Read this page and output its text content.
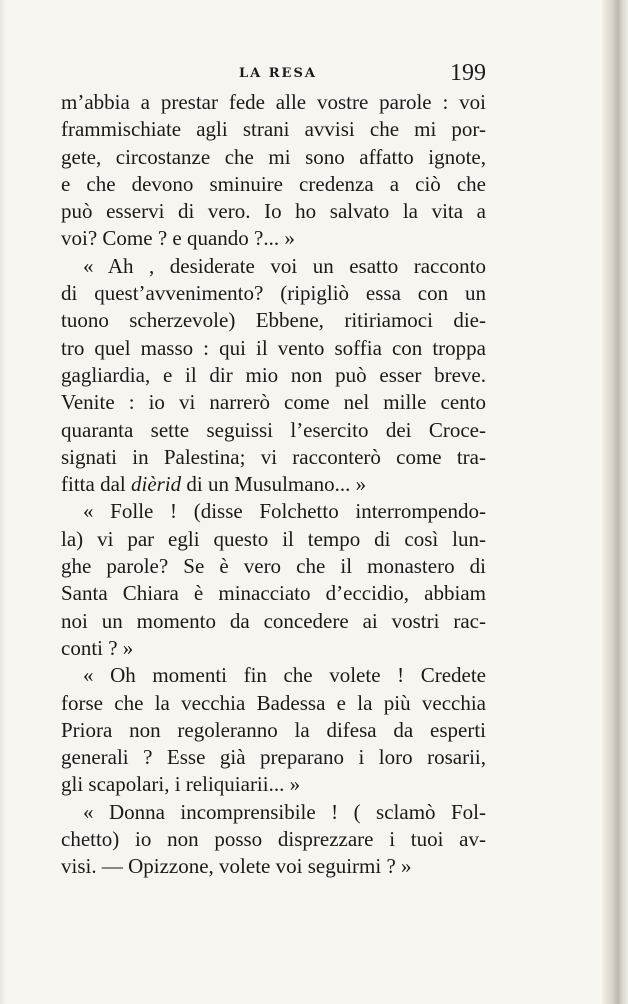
LA RESA	199
m’abbia a prestar fede alle vostre parole : voi
frammischiate agli strani avvisi che mi por-
gete, circostanze che mi sono affatto ignote,
e che devono sminuire credenza a ciò che
può esservi di vero. Io ho salvato la vita a
voi? Come ? e quando ?... »
« Ah , desiderate voi un esatto racconto
di quest’avvenimento? (ripigliò essa con un
tuono scherzevole) Ebbene, ritiriamoci die-
tro quel masso : qui il vento soffia con troppa
gagliardia, e il dir mio non può esser breve.
Venite : io vi narrerò come nel mille cento
quaranta sette seguissi l’esercito dei Croce-
signati in Palestina; vi racconterò come tra-
fitta dal dièrid di un Musulmano... »
« Folle ! (disse Folchetto interrompendo-
la) vi par egli questo il tempo di così lun-
ghe parole? Se è vero che il monastero di
Santa Chiara è minacciato d’eccidio, abbiam
noi un momento da concedere ai vostri rac-
conti ? »
« Oh momenti fin che volete ! Credete
forse che la vecchia Badessa e la più vecchia
Priora non regoleranno la difesa da esperti
generali ? Esse già preparano i loro rosarii,
gli scapolari, i reliquiarii... »
« Donna incomprensibile ! ( sclamò Fol-
chetto) io non posso disprezzare i tuoi av-
visi. — Opizzone, volete voi seguirmi ? »
